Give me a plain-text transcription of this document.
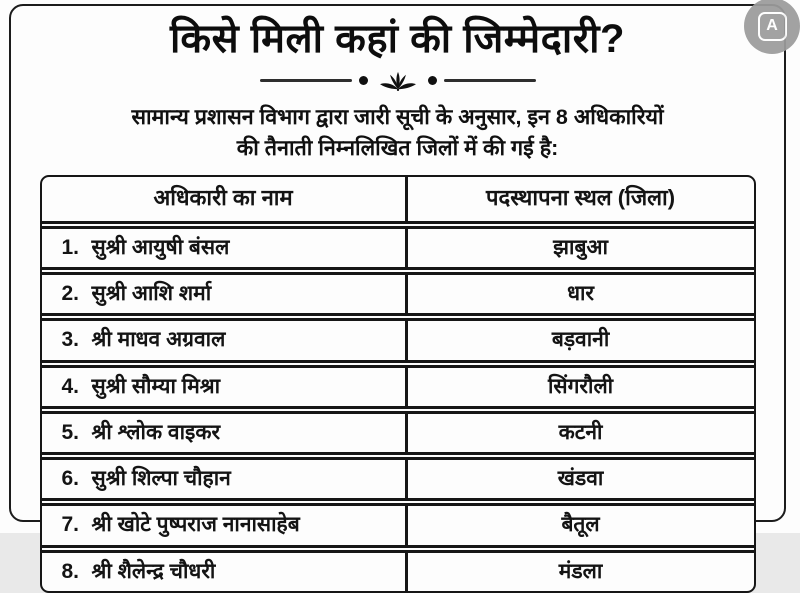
A
किसे मिली कहां की जिम्मेदारी?
सामान्य प्रशासन विभाग द्वारा जारी सूची के अनुसार, इन 8 अधिकारियों
की तैनाती निम्नलिखित जिलों में की गई है:
अधिकारी का नाम	पदस्थापना स्थल (जिला)
1. सुश्री आयुषी बंसल	झाबुआ
2. सुश्री आशि शर्मा	धार
3. श्री माधव अग्रवाल	बड़वानी
4. सुश्री सौम्या मिश्रा	सिंगरौली
5. श्री श्लोक वाइकर	कटनी
6. सुश्री शिल्पा चौहान	खंडवा
7. श्री खोटे पुष्पराज नानासाहेब	बैतूल
8. श्री शैलेन्द्र चौधरी	मंडला
